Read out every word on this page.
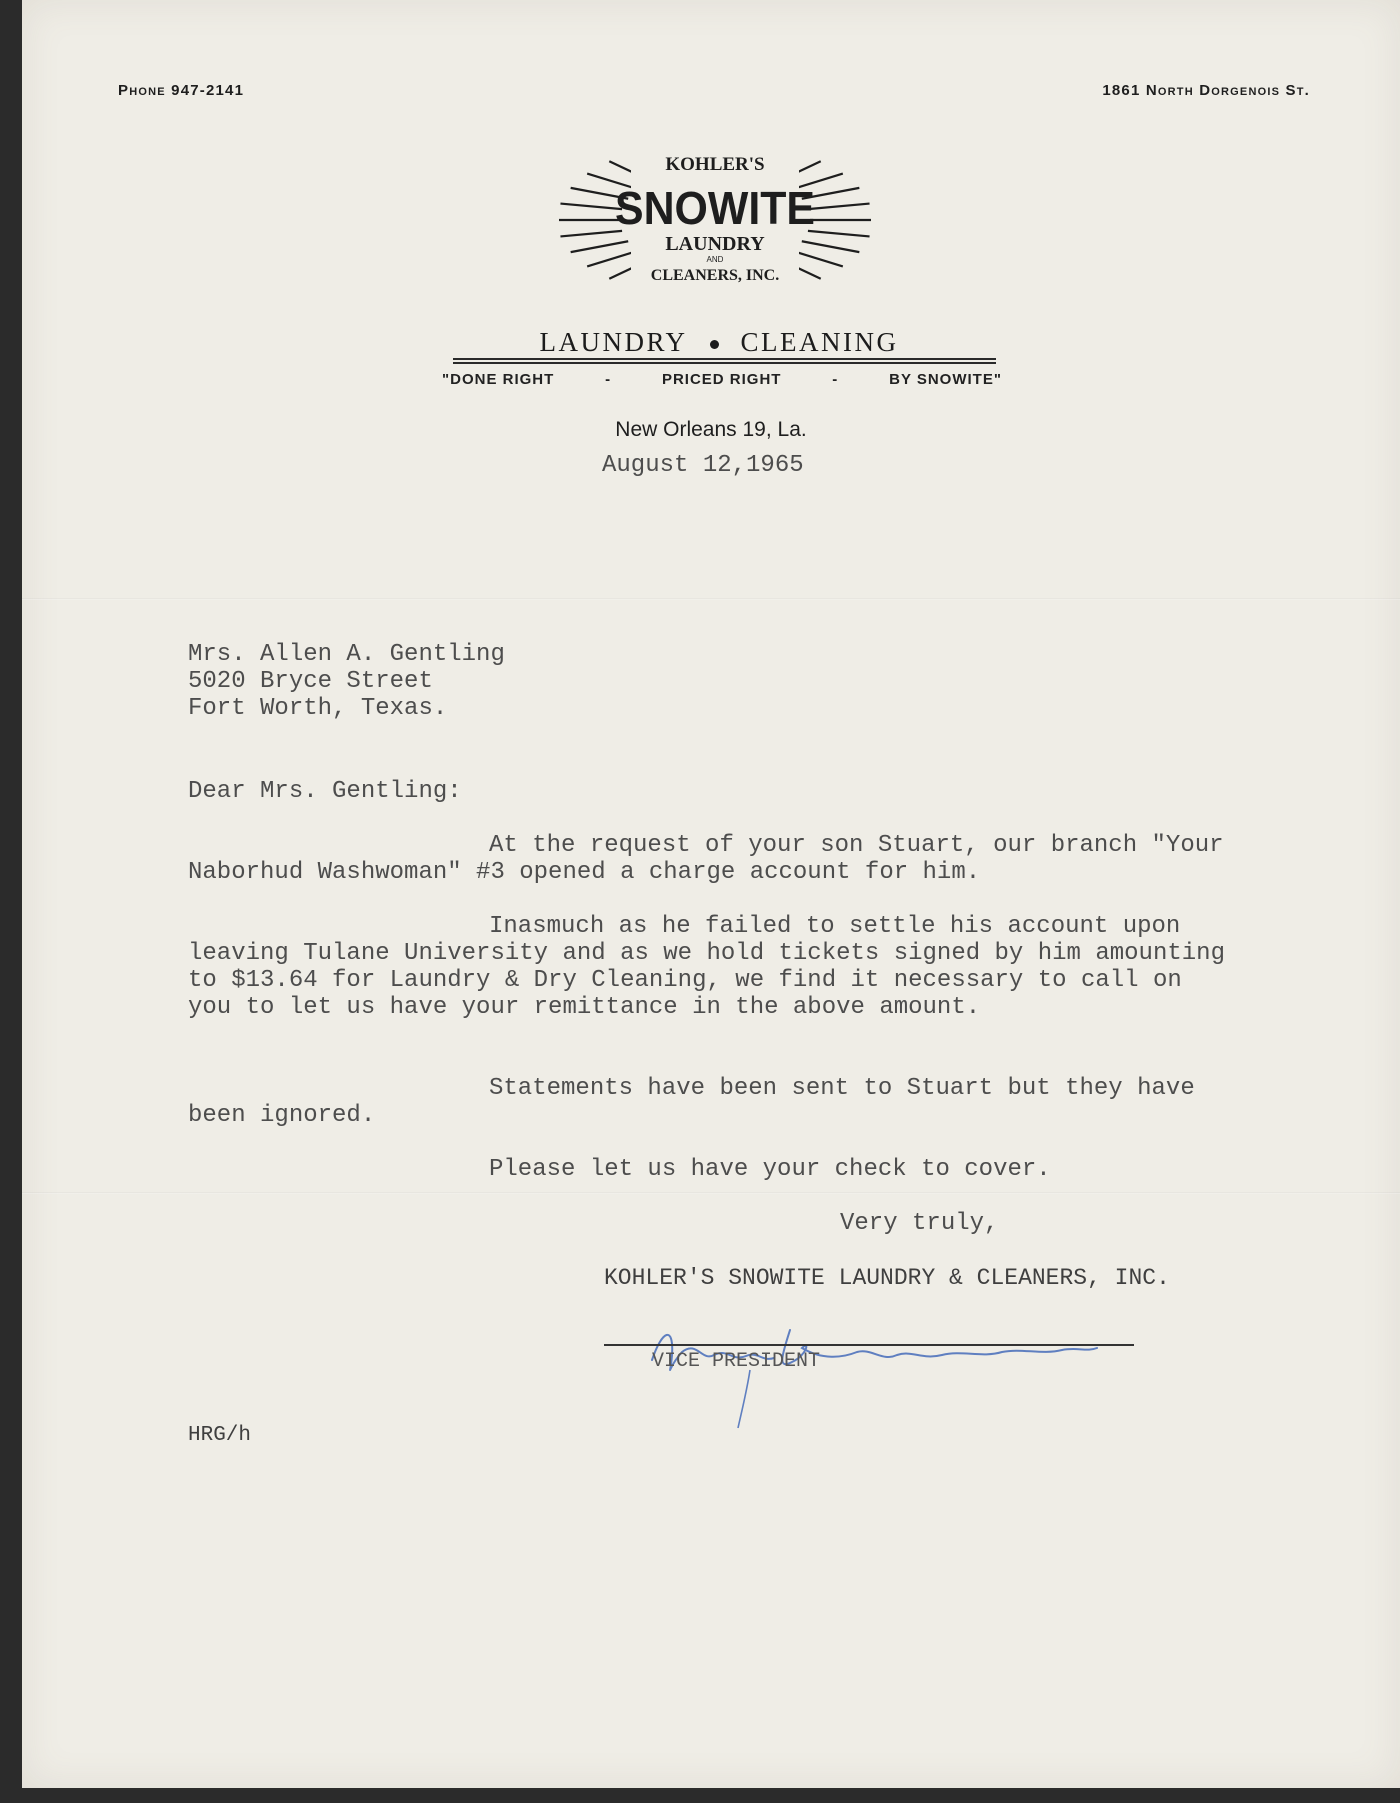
Phone 947-2141	1861 North Dorgenois St.
KOHLER'S
SNOWITE
LAUNDRY
AND
CLEANERS, INC.
LAUNDRY CLEANING
"DONE RIGHT	-	PRICED RIGHT	-	BY SNOWITE"
New Orleans 19, La.
August 12,1965
Mrs. Allen A. Gentling
5020 Bryce Street
Fort Worth, Texas.
Dear Mrs. Gentling:
At the request of your son Stuart, our branch "Your Naborhud Washwoman" #3 opened a charge account for him.
Inasmuch as he failed to settle his account upon leaving Tulane University and as we hold tickets signed by him amounting to $13.64 for Laundry & Dry Cleaning, we find it necessary to call on you to let us have your remittance in the above amount.
Statements have been sent to Stuart but they have been ignored.
Please let us have your check to cover.
Very truly,
KOHLER'S SNOWITE LAUNDRY & CLEANERS, INC.
VICE PRESIDENT
HRG/h
